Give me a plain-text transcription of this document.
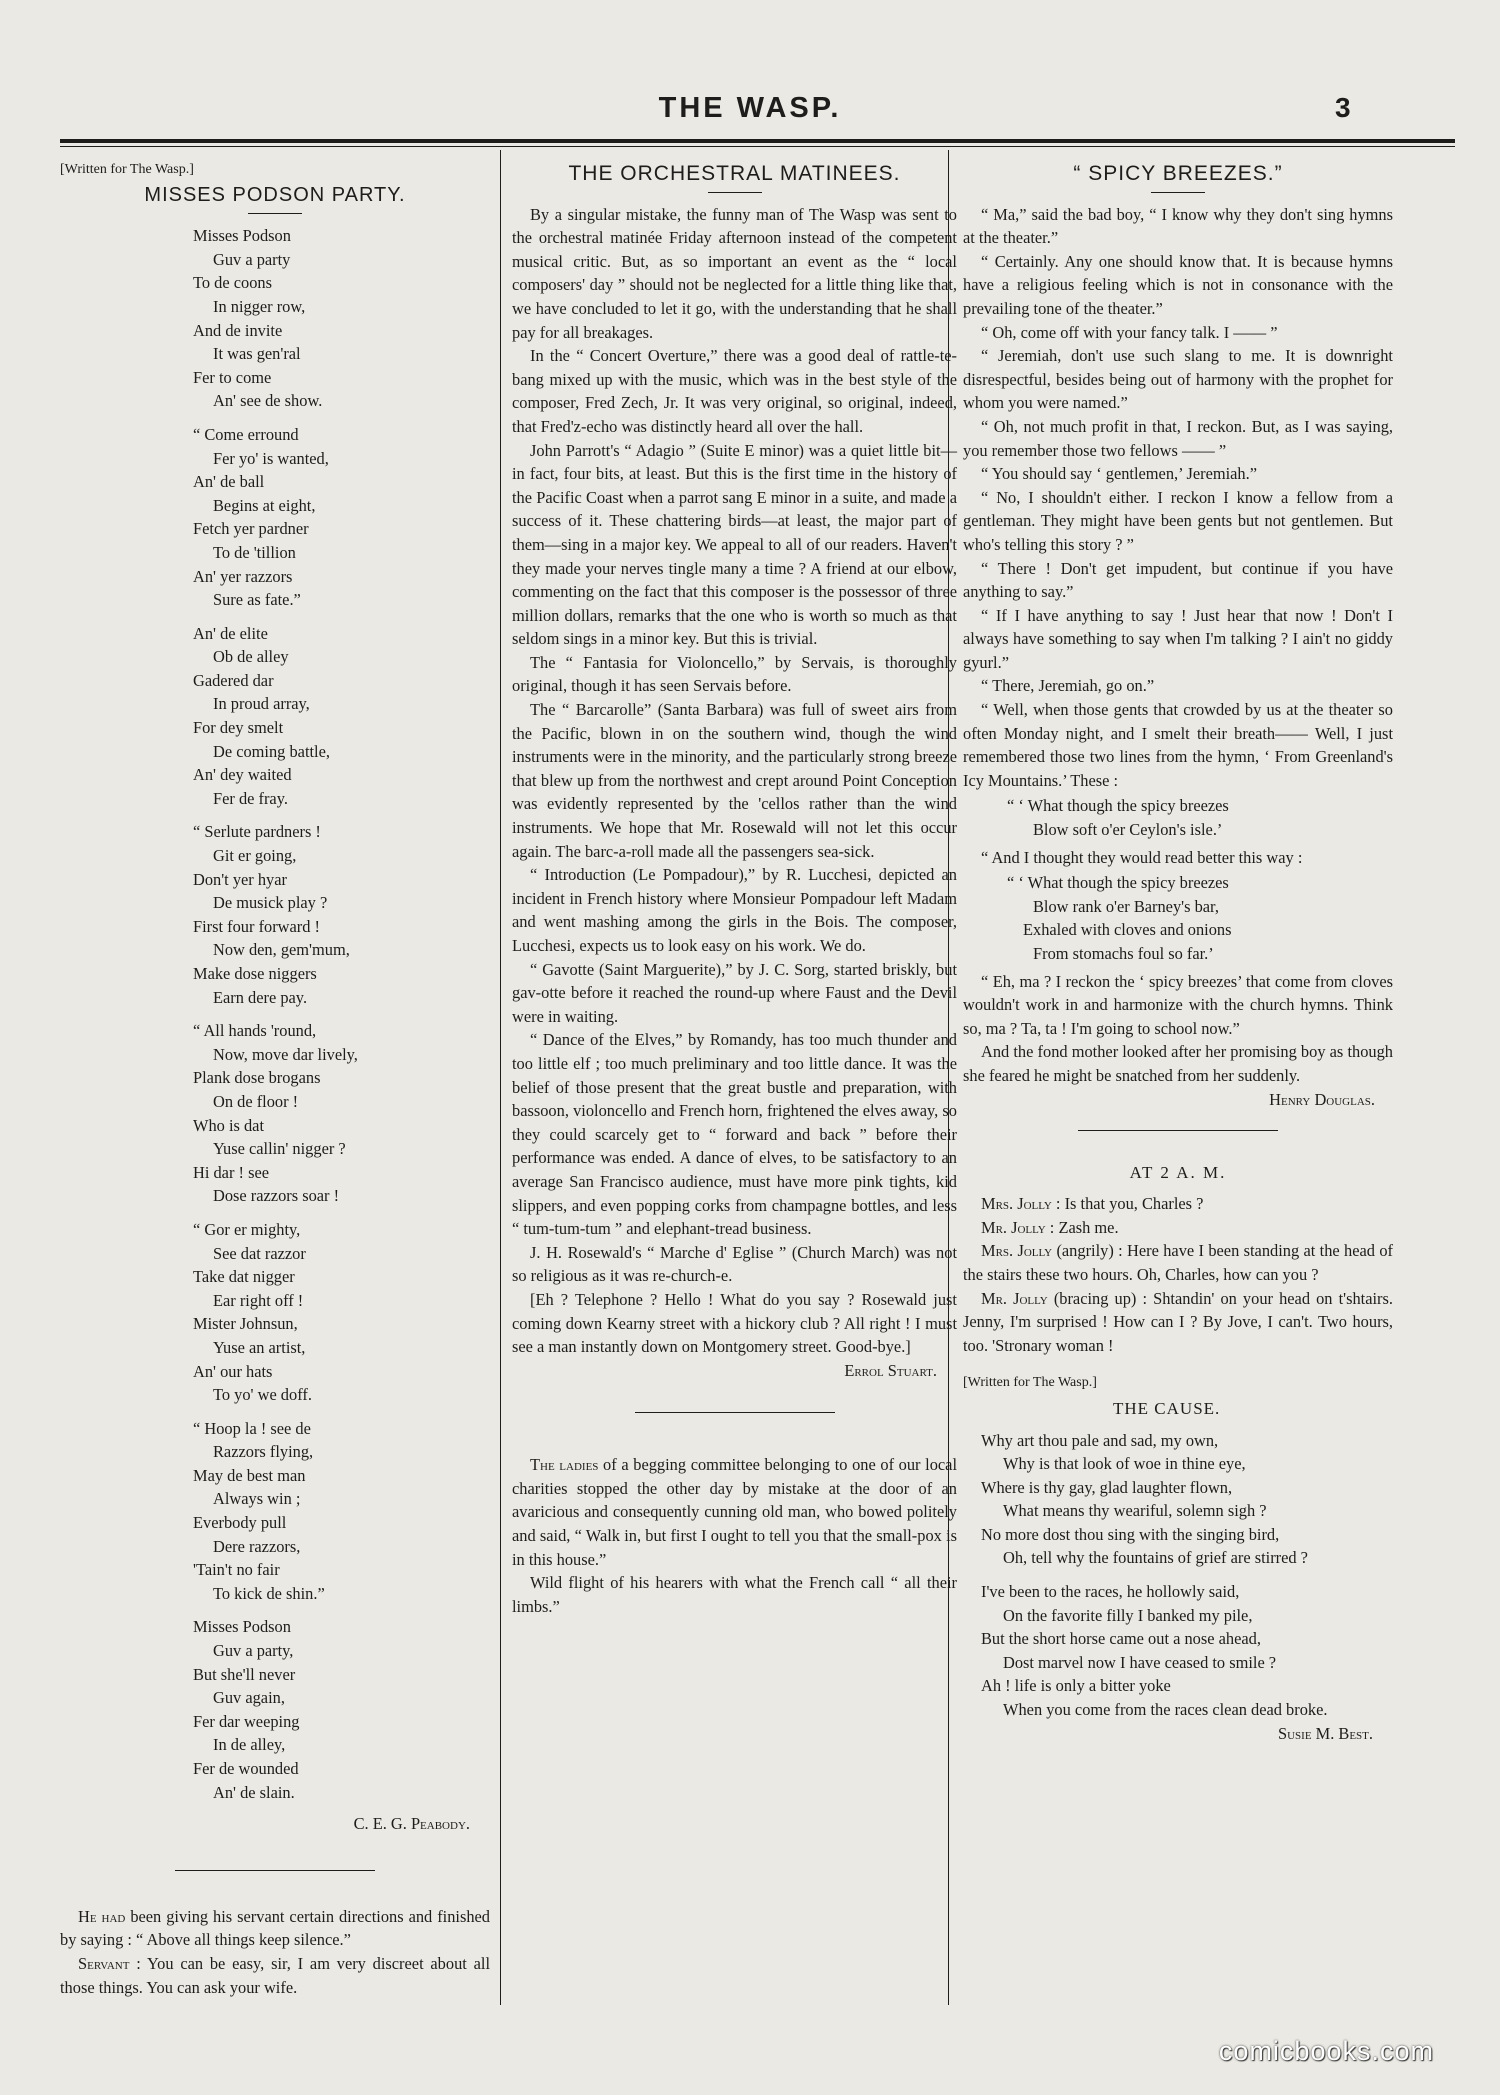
THE WASP.	3
[Written for The Wasp.]
MISSES PODSON PARTY.
Misses Podson
Guv a party
To de coons
In nigger row,
And de invite
It was gen'ral
Fer to come
An' see de show.
“ Come erround
Fer yo' is wanted,
An' de ball
Begins at eight,
Fetch yer pardner
To de 'tillion
An' yer razzors
Sure as fate.”
An' de elite
Ob de alley
Gadered dar
In proud array,
For dey smelt
De coming battle,
An' dey waited
Fer de fray.
“ Serlute pardners !
Git er going,
Don't yer hyar
De musick play ?
First four forward !
Now den, gem'mum,
Make dose niggers
Earn dere pay.
“ All hands 'round,
Now, move dar lively,
Plank dose brogans
On de floor !
Who is dat
Yuse callin' nigger ?
Hi dar ! see
Dose razzors soar !
“ Gor er mighty,
See dat razzor
Take dat nigger
Ear right off !
Mister Johnsun,
Yuse an artist,
An' our hats
To yo' we doff.
“ Hoop la ! see de
Razzors flying,
May de best man
Always win ;
Everbody pull
Dere razzors,
'Tain't no fair
To kick de shin.”
Misses Podson
Guv a party,
But she'll never
Guv again,
Fer dar weeping
In de alley,
Fer de wounded
An' de slain.
C. E. G. Peabody.

He had been giving his servant certain directions and finished by saying : “ Above all things keep silence.”

Servant : You can be easy, sir, I am very discreet about all those things. You can ask your wife.

THE ORCHESTRAL MATINEES.

By a singular mistake, the funny man of The Wasp was sent to the orchestral matinée Friday afternoon instead of the competent musical critic. But, as so important an event as the “ local composers' day ” should not be neglected for a little thing like that, we have concluded to let it go, with the understanding that he shall pay for all breakages.

In the “ Concert Overture,” there was a good deal of rattle-te-bang mixed up with the music, which was in the best style of the composer, Fred Zech, Jr. It was very original, so original, indeed, that Fred'z-echo was distinctly heard all over the hall.

John Parrott's “ Adagio ” (Suite E minor) was a quiet little bit—in fact, four bits, at least. But this is the first time in the history of the Pacific Coast when a parrot sang E minor in a suite, and made a success of it. These chattering birds—at least, the major part of them—sing in a major key. We appeal to all of our readers. Haven't they made your nerves tingle many a time ? A friend at our elbow, commenting on the fact that this composer is the possessor of three million dollars, remarks that the one who is worth so much as that seldom sings in a minor key. But this is trivial.

The “ Fantasia for Violoncello,” by Servais, is thoroughly original, though it has seen Servais before.

The “ Barcarolle” (Santa Barbara) was full of sweet airs from the Pacific, blown in on the southern wind, though the wind instruments were in the minority, and the particularly strong breeze that blew up from the northwest and crept around Point Conception was evidently represented by the 'cellos rather than the wind instruments. We hope that Mr. Rosewald will not let this occur again. The barc-a-roll made all the passengers sea-sick.

“ Introduction (Le Pompadour),” by R. Lucchesi, depicted an incident in French history where Monsieur Pompadour left Madam and went mashing among the girls in the Bois. The composer, Lucchesi, expects us to look easy on his work. We do.

“ Gavotte (Saint Marguerite),” by J. C. Sorg, started briskly, but gav-otte before it reached the round-up where Faust and the Devil were in waiting.

“ Dance of the Elves,” by Romandy, has too much thunder and too little elf ; too much preliminary and too little dance. It was the belief of those present that the great bustle and preparation, with bassoon, violoncello and French horn, frightened the elves away, so they could scarcely get to “ forward and back ” before their performance was ended. A dance of elves, to be satisfactory to an average San Francisco audience, must have more pink tights, kid slippers, and even popping corks from champagne bottles, and less “ tum-tum-tum ” and elephant-tread business.

J. H. Rosewald's “ Marche d' Eglise ” (Church March) was not so religious as it was re-church-e.

[Eh ? Telephone ? Hello ! What do you say ? Rosewald just coming down Kearny street with a hickory club ? All right ! I must see a man instantly down on Montgomery street. Good-bye.]

Errol Stuart.

The ladies of a begging committee belonging to one of our local charities stopped the other day by mistake at the door of an avaricious and consequently cunning old man, who bowed politely and said, “ Walk in, but first I ought to tell you that the small-pox is in this house.”

Wild flight of his hearers with what the French call “ all their limbs.”

“ SPICY BREEZES.”

“ Ma,” said the bad boy, “ I know why they don't sing hymns at the theater.”

“ Certainly. Any one should know that. It is because hymns have a religious feeling which is not in consonance with the prevailing tone of the theater.”

“ Oh, come off with your fancy talk. I —— ”

“ Jeremiah, don't use such slang to me. It is downright disrespectful, besides being out of harmony with the prophet for whom you were named.”

“ Oh, not much profit in that, I reckon. But, as I was saying, you remember those two fellows —— ”

“ You should say ‘ gentlemen,’ Jeremiah.”

“ No, I shouldn't either. I reckon I know a fellow from a gentleman. They might have been gents but not gentlemen. But who's telling this story ? ”

“ There ! Don't get impudent, but continue if you have anything to say.”

“ If I have anything to say ! Just hear that now ! Don't I always have something to say when I'm talking ? I ain't no giddy gyurl.”

“ There, Jeremiah, go on.”

“ Well, when those gents that crowded by us at the theater so often Monday night, and I smelt their breath—— Well, I just remembered those two lines from the hymn, ‘ From Greenland's Icy Mountains.’ These :

“ ‘ What though the spicy breezes
Blow soft o'er Ceylon's isle.’

“ And I thought they would read better this way :

“ ‘ What though the spicy breezes
Blow rank o'er Barney's bar,
Exhaled with cloves and onions
From stomachs foul so far.’

“ Eh, ma ? I reckon the ‘ spicy breezes’ that come from cloves wouldn't work in and harmonize with the church hymns. Think so, ma ? Ta, ta ! I'm going to school now.”

And the fond mother looked after her promising boy as though she feared he might be snatched from her suddenly.
Henry Douglas.

AT 2 A. M.

Mrs. Jolly : Is that you, Charles ?

Mr. Jolly : Zash me.

Mrs. Jolly (angrily) : Here have I been standing at the head of the stairs these two hours. Oh, Charles, how can you ?

Mr. Jolly (bracing up) : Shtandin' on your head on t'shtairs. Jenny, I'm surprised ! How can I ? By Jove, I can't. Two hours, too. 'Stronary woman !

[Written for The Wasp.]
THE CAUSE.
Why art thou pale and sad, my own,
Why is that look of woe in thine eye,
Where is thy gay, glad laughter flown,
What means thy weariful, solemn sigh ?
No more dost thou sing with the singing bird,
Oh, tell why the fountains of grief are stirred ?
I've been to the races, he hollowly said,
On the favorite filly I banked my pile,
But the short horse came out a nose ahead,
Dost marvel now I have ceased to smile ?
Ah ! life is only a bitter yoke
When you come from the races clean dead broke.
Susie M. Best.
comicbooks.com
